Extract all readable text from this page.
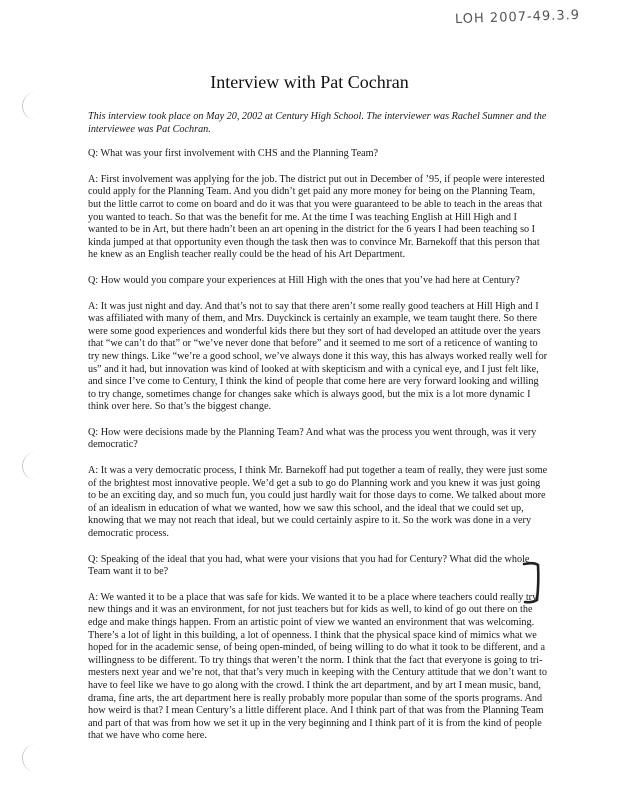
LOH 2007-49.3.9
Interview with Pat Cochran

This interview took place on May 20, 2002 at Century High School. The interviewer was Rachel Sumner and the interviewee was Pat Cochran.

Q: What was your first involvement with CHS and the Planning Team?

A: First involvement was applying for the job. The district put out in December of ’95, if people were interested could apply for the Planning Team. And you didn’t get paid any more money for being on the Planning Team, but the little carrot to come on board and do it was that you were guaranteed to be able to teach in the areas that you wanted to teach. So that was the benefit for me. At the time I was teaching English at Hill High and I wanted to be in Art, but there hadn’t been an art opening in the district for the 6 years I had been teaching so I kinda jumped at that opportunity even though the task then was to convince Mr. Barnekoff that this person that he knew as an English teacher really could be the head of his Art Department.

Q: How would you compare your experiences at Hill High with the ones that you’ve had here at Century?

A: It was just night and day. And that’s not to say that there aren’t some really good teachers at Hill High and I was affiliated with many of them, and Mrs. Duyckinck is certainly an example, we team taught there. So there were some good experiences and wonderful kids there but they sort of had developed an attitude over the years that “we can’t do that” or “we’ve never done that before” and it seemed to me sort of a reticence of wanting to try new things. Like “we’re a good school, we’ve always done it this way, this has always worked really well for us” and it had, but innovation was kind of looked at with skepticism and with a cynical eye, and I just felt like, and since I’ve come to Century, I think the kind of people that come here are very forward looking and willing to try change, sometimes change for changes sake which is always good, but the mix is a lot more dynamic I think over here. So that’s the biggest change.

Q: How were decisions made by the Planning Team? And what was the process you went through, was it very democratic?

A: It was a very democratic process, I think Mr. Barnekoff had put together a team of really, they were just some of the brightest most innovative people. We’d get a sub to go do Planning work and you knew it was just going to be an exciting day, and so much fun, you could just hardly wait for those days to come. We talked about more of an idealism in education of what we wanted, how we saw this school, and the ideal that we could set up, knowing that we may not reach that ideal, but we could certainly aspire to it. So the work was done in a very democratic process.

Q: Speaking of the ideal that you had, what were your visions that you had for Century? What did the whole Team want it to be?

A: We wanted it to be a place that was safe for kids. We wanted it to be a place where teachers could really try new things and it was an environment, for not just teachers but for kids as well, to kind of go out there on the edge and make things happen. From an artistic point of view we wanted an environment that was welcoming. There’s a lot of light in this building, a lot of openness. I think that the physical space kind of mimics what we hoped for in the academic sense, of being open-minded, of being willing to do what it took to be different, and a willingness to be different. To try things that weren’t the norm. I think that the fact that everyone is going to tri-mesters next year and we’re not, that that’s very much in keeping with the Century attitude that we don’t want to have to feel like we have to go along with the crowd. I think the art department, and by art I mean music, band, drama, fine arts, the art department here is really probably more popular than some of the sports programs. And how weird is that? I mean Century’s a little different place. And I think part of that was from the Planning Team and part of that was from how we set it up in the very beginning and I think part of it is from the kind of people that we have who come here.
